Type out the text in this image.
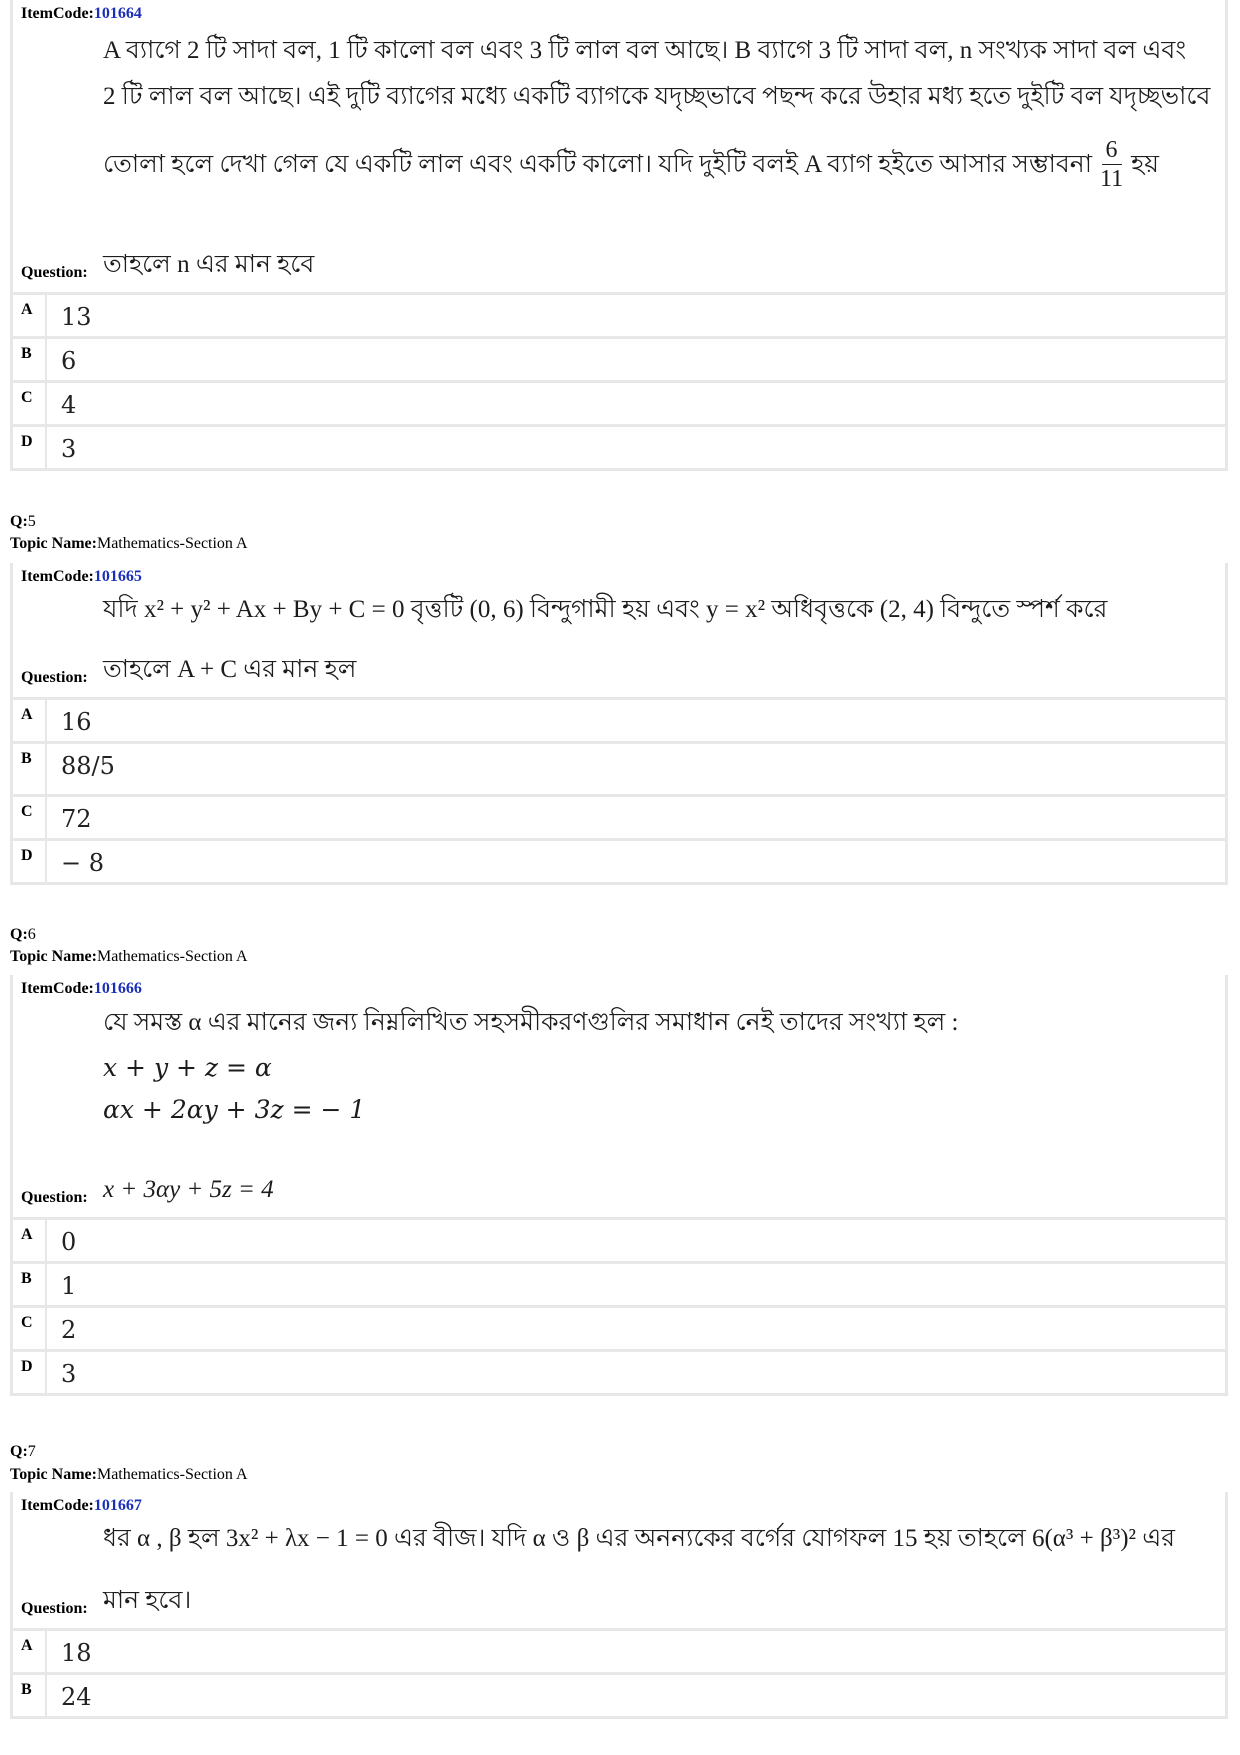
ItemCode:101664
A ব্যাগে 2 টি সাদা বল, 1 টি কালো বল এবং 3 টি লাল বল আছে। B ব্যাগে 3 টি সাদা বল, n সংখ্যক সাদা বল এবং
2 টি লাল বল আছে। এই দুটি ব্যাগের মধ্যে একটি ব্যাগকে যদৃচ্ছভাবে পছন্দ করে উহার মধ্য হতে দুইটি বল যদৃচ্ছভাবে
তোলা হলে দেখা গেল যে একটি লাল এবং একটি কালো। যদি দুইটি বলই A ব্যাগ হইতে আসার সম্ভাবনা $\frac{6}{11}$ হয়
Question: তাহলে n এর মান হবে
A	13
B	6
C	4
D	3
Q:5
Topic Name:Mathematics-Section A
ItemCode:101665
যদি x² + y² + Ax + By + C = 0 বৃত্তটি (0, 6) বিন্দুগামী হয় এবং y = x² অধিবৃত্তকে (2, 4) বিন্দুতে স্পর্শ করে
Question: তাহলে A + C এর মান হল
A	16
B	88/5
C	72
D	− 8
Q:6
Topic Name:Mathematics-Section A
ItemCode:101666
যে সমস্ত α এর মানের জন্য নিম্নলিখিত সহসমীকরণগুলির সমাধান নেই তাদের সংখ্যা হল :
x + y + z = α
αx + 2αy + 3z = − 1
Question: x + 3αy + 5z = 4
A	0
B	1
C	2
D	3
Q:7
Topic Name:Mathematics-Section A
ItemCode:101667
ধর α , β হল 3x² + λx − 1 = 0 এর বীজ। যদি α ও β এর অনন্যকের বর্গের যোগফল 15 হয় তাহলে 6(α³ + β³)² এর
Question: মান হবে।
A	18
B	24
